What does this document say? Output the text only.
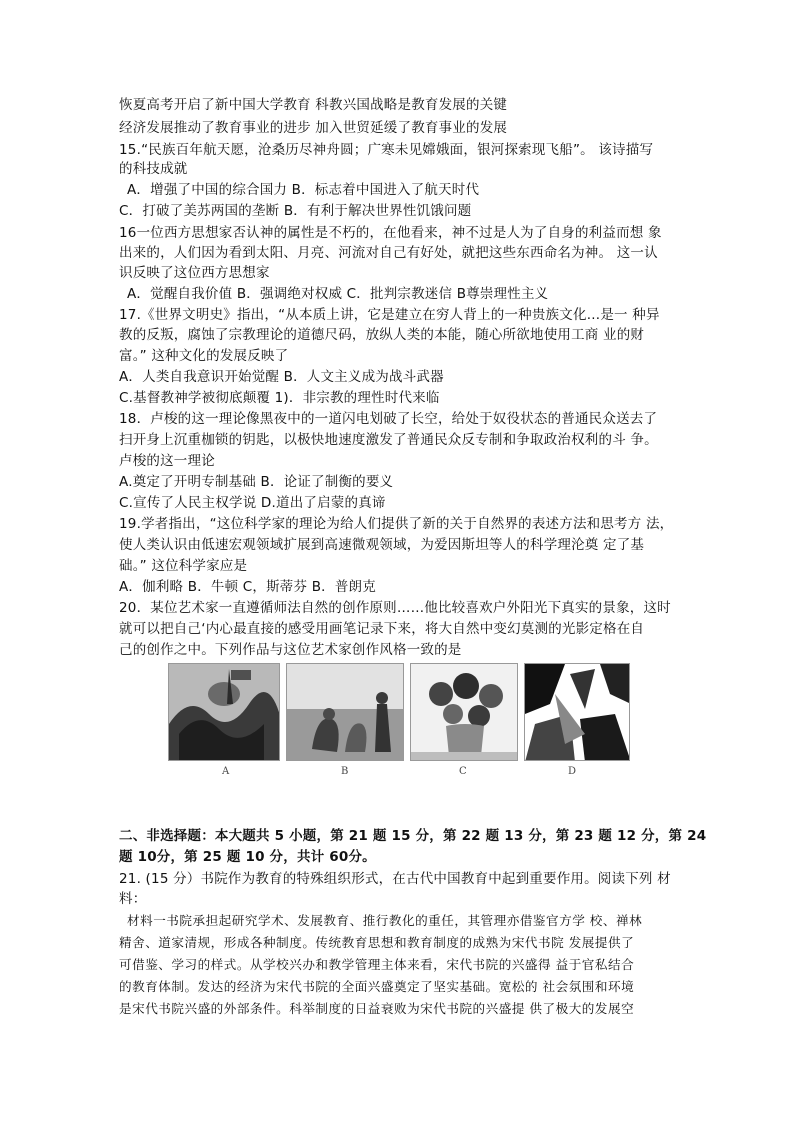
恢夏高考开启了新中国大学教育 科教兴国战略是教育发展的关键
经济发展推动了教育事业的进步 加入世贸延缓了教育事业的发展
15.“民族百年航天愿，沧桑历尽神舟圆；广寒未见嫦娥面，银河探索现飞船”。 该诗描写
的科技成就
A．增强了中国的综合国力 B．标志着中国进入了航天时代
C．打破了美苏两国的垄断 B．有利于解决世界性饥饿问题
16一位西方思想家否认神的属性是不朽的，在他看来，神不过是人为了自身的利益而想 象
出来的，人们因为看到太阳、月亮、河流对自己有好处，就把这些东西命名为神。 这一认
识反映了这位西方思想家
A．觉醒自我价值 B．强调绝对权威 C．批判宗教迷信 B尊崇理性主义
17.《世界文明史》指出，“从本质上讲，它是建立在穷人背上的一种贵族文化…是一 种异
教的反叛，腐蚀了宗教理论的道德尺码，放纵人类的本能，随心所欲地使用工商 业的财
富。” 这种文化的发展反映了
A．人类自我意识开始觉醒 B．人文主义成为战斗武器
C.基督教神学被彻底颠覆 1)．非宗教的理性时代来临
18．卢梭的这一理论像黑夜中的一道闪电划破了长空，给处于奴役状态的普通民众送去了
扫开身上沉重枷锁的钥匙，以极快地速度激发了普通民众反专制和争取政治权利的斗 争。
卢梭的这一理论
A.奠定了开明专制基础 B．论证了制衡的要义
C.宣传了人民主权学说 D.道出了启蒙的真谛
19.学者指出，“这位科学家的理论为给人们提供了新的关于自然界的表述方法和思考方 法，
使人类认识由低速宏观领域扩展到高速微观领域，为爱因斯坦等人的科学理沦奠 定了基
础。” 这位科学家应是
A．伽利略 B．牛顿 C，斯蒂芬 B．普朗克
20．某位艺术家一直遵循师法自然的创作原则……他比较喜欢户外阳光下真实的景象，这时
就可以把自己‘内心最直接的感受用画笔记录下来，将大自然中变幻莫测的光影定格在自
己的创作之中。下列作品与这位艺术家创作风格一致的是
A	B	C	D
二、非选择题：本大题共 5 小题，第 21 题 15 分，第 22 题 13 分，第 23 题 12 分，第 24
题 10分，第 25 题 10 分，共计 60分。
21. (15 分）书院作为教育的特殊组织形式，在古代中国教育中起到重要作用。阅读下列 材
料：
材料一书院承担起研究学术、发展教育、推行教化的重任，其管理亦借鉴官方学 校、禅林
精舍、道家清规，形成各种制度。传统教育思想和教育制度的成熟为宋代书院 发展提供了
可借鉴、学习的样式。从学校兴办和教学管理主体来看，宋代书院的兴盛得 益于官私结合
的教育体制。发达的经济为宋代书院的全面兴盛奠定了坚实基础。宽松的 社会氛围和环境
是宋代书院兴盛的外部条件。科举制度的日益衰败为宋代书院的兴盛提 供了极大的发展空
